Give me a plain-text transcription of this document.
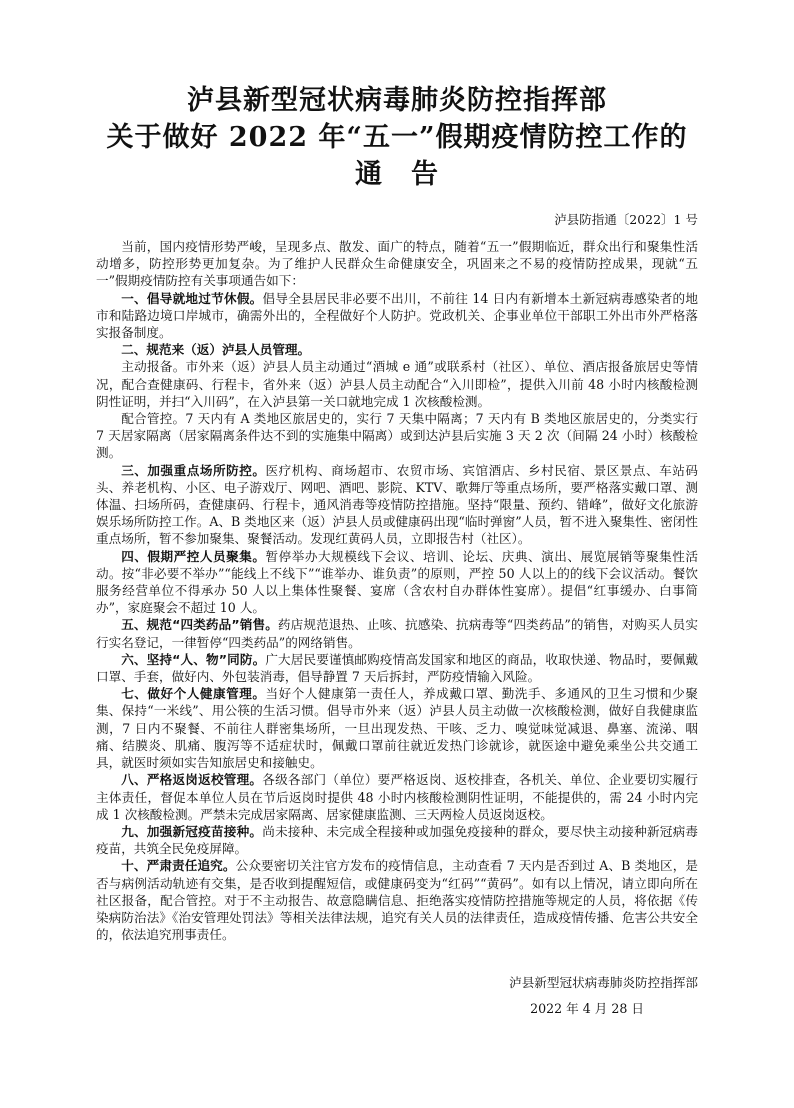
泸县新型冠状病毒肺炎防控指挥部
关于做好 2022 年“五一”假期疫情防控工作的
通　告
泸县防指通〔2022〕1 号

当前，国内疫情形势严峻，呈现多点、散发、面广的特点，随着“五一”假期临近，群众出行和聚集性活动增多，防控形势更加复杂。为了维护人民群众生命健康安全，巩固来之不易的疫情防控成果，现就“五一”假期疫情防控有关事项通告如下：

一、倡导就地过节休假。倡导全县居民非必要不出川，不前往 14 日内有新增本土新冠病毒感染者的地市和陆路边境口岸城市，确需外出的，全程做好个人防护。党政机关、企事业单位干部职工外出市外严格落实报备制度。

二、规范来（返）泸县人员管理。

主动报备。市外来（返）泸县人员主动通过“酒城 e 通”或联系村（社区）、单位、酒店报备旅居史等情况，配合查健康码、行程卡，省外来（返）泸县人员主动配合“入川即检”，提供入川前 48 小时内核酸检测阴性证明，并扫“入川码”，在入泸县第一关口就地完成 1 次核酸检测。

配合管控。7 天内有 A 类地区旅居史的，实行 7 天集中隔离；7 天内有 B 类地区旅居史的，分类实行 7 天居家隔离（居家隔离条件达不到的实施集中隔离）或到达泸县后实施 3 天 2 次（间隔 24 小时）核酸检测。

三、加强重点场所防控。医疗机构、商场超市、农贸市场、宾馆酒店、乡村民宿、景区景点、车站码头、养老机构、小区、电子游戏厅、网吧、酒吧、影院、KTV、歌舞厅等重点场所，要严格落实戴口罩、测体温、扫场所码，查健康码、行程卡，通风消毒等疫情防控措施。坚持“限量、预约、错峰”，做好文化旅游娱乐场所防控工作。A、B 类地区来（返）泸县人员或健康码出现“临时弹窗”人员，暂不进入聚集性、密闭性重点场所，暂不参加聚集、聚餐活动。发现红黄码人员，立即报告村（社区）。

四、假期严控人员聚集。暂停举办大规模线下会议、培训、论坛、庆典、演出、展览展销等聚集性活动。按“非必要不举办”“能线上不线下”“谁举办、谁负责”的原则，严控 50 人以上的的线下会议活动。餐饮服务经营单位不得承办 50 人以上集体性聚餐、宴席（含农村自办群体性宴席）。提倡“红事缓办、白事简办”，家庭聚会不超过 10 人。

五、规范“四类药品”销售。药店规范退热、止咳、抗感染、抗病毒等“四类药品”的销售，对购买人员实行实名登记，一律暂停“四类药品”的网络销售。

六、坚持“人、物”同防。广大居民要谨慎邮购疫情高发国家和地区的商品，收取快递、物品时，要佩戴口罩、手套，做好内、外包装消毒，倡导静置 7 天后拆封，严防疫情输入风险。

七、做好个人健康管理。当好个人健康第一责任人，养成戴口罩、勤洗手、多通风的卫生习惯和少聚集、保持“一米线”、用公筷的生活习惯。倡导市外来（返）泸县人员主动做一次核酸检测，做好自我健康监测，7 日内不聚餐、不前往人群密集场所，一旦出现发热、干咳、乏力、嗅觉味觉减退、鼻塞、流涕、咽痛、结膜炎、肌痛、腹泻等不适症状时，佩戴口罩前往就近发热门诊就诊，就医途中避免乘坐公共交通工具，就医时须如实告知旅居史和接触史。

八、严格返岗返校管理。各级各部门（单位）要严格返岗、返校排查，各机关、单位、企业要切实履行主体责任，督促本单位人员在节后返岗时提供 48 小时内核酸检测阴性证明，不能提供的，需 24 小时内完成 1 次核酸检测。严禁未完成居家隔离、居家健康监测、三天两检人员返岗返校。

九、加强新冠疫苗接种。尚未接种、未完成全程接种或加强免疫接种的群众，要尽快主动接种新冠病毒疫苗，共筑全民免疫屏障。

十、严肃责任追究。公众要密切关注官方发布的疫情信息，主动查看 7 天内是否到过 A、B 类地区，是否与病例活动轨迹有交集，是否收到提醒短信，或健康码变为“红码”“黄码”。如有以上情况，请立即向所在社区报备，配合管控。对于不主动报告、故意隐瞒信息、拒绝落实疫情防控措施等规定的人员，将依据《传染病防治法》《治安管理处罚法》等相关法律法规，追究有关人员的法律责任，造成疫情传播、危害公共安全的，依法追究刑事责任。

泸县新型冠状病毒肺炎防控指挥部
2022 年 4 月 28 日
